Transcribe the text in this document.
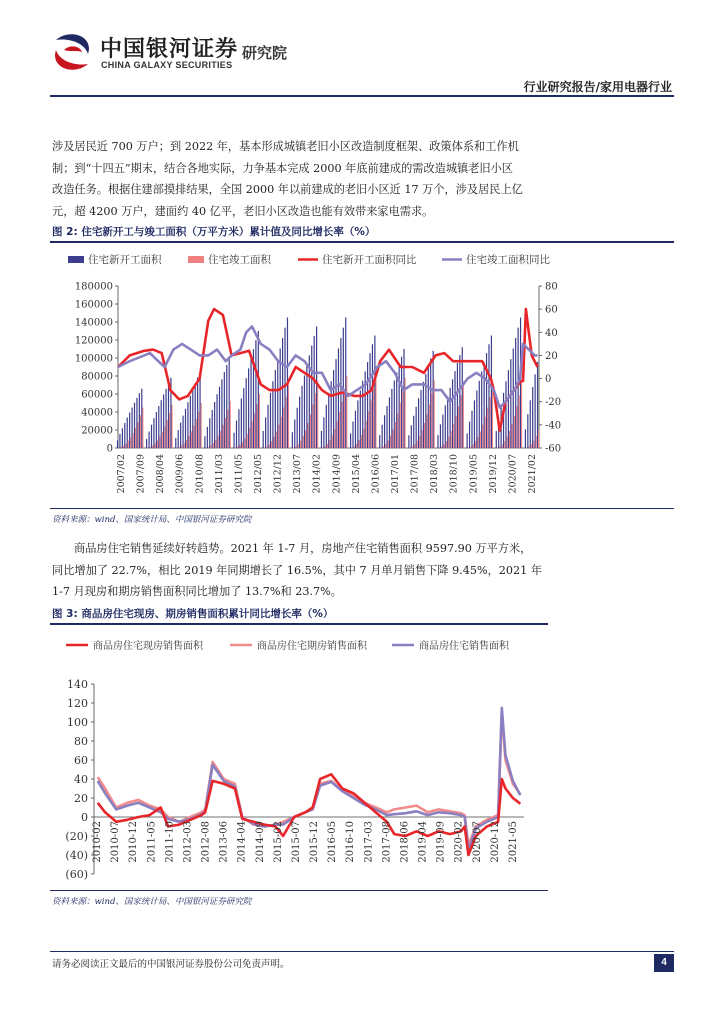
中国银河证券
CHINA GALAXY SECURITIES
研究院
行业研究报告/家用电器行业
涉及居民近 700 万户；到 2022 年，基本形成城镇老旧小区改造制度框架、政策体系和工作机
制；到“十四五”期末，结合各地实际，力争基本完成 2000 年底前建成的需改造城镇老旧小区
改造任务。根据住建部摸排结果，全国 2000 年以前建成的老旧小区近 17 万个，涉及居民上亿
元，超 4200 万户，建面约 40 亿平，老旧小区改造也能有效带来家电需求。
图 2: 住宅新开工与竣工面积（万平方米）累计值及同比增长率（%）
住宅新开工面积	住宅竣工面积	住宅新开工面积同比	住宅竣工面积同比
0
20000
40000
60000
80000
100000
120000
140000
160000
180000
-60
-40
-20
0
20
40
60
80
2007/02 2007/09 2008/04 2009/06 2010/08 2011/03 2011/05 2012/05 2012/12 2013/07 2014/02 2014/09 2015/04 2016/06 2017/01 2017/08 2018/03 2018/10 2019/05 2019/12 2020/07 2021/02
资料来源：wind、国家统计局、中国银河证券研究院
商品房住宅销售延续好转趋势。2021 年 1-7 月，房地产住宅销售面积 9597.90 万平方米，
同比增加了 22.7%，相比 2019 年同期增长了 16.5%，其中 7 月单月销售下降 9.45%，2021 年
1-7 月现房和期房销售面积同比增加了 13.7%和 23.7%。
图 3: 商品房住宅现房、期房销售面积累计同比增长率（%）
商品房住宅现房销售面积	商品房住宅期房销售面积	商品房住宅销售面积
140
120
100
80
60
40
20
0
(20)
(40)
(60)
2010-02 2010-07 2010-12 2011-05 2011-10 2012-03 2012-08 2013-06 2014-04 2014-09 2015-02 2015-07 2015-12 2016-05 2016-10 2017-03 2017-08 2018-06 2019-04 2019-09 2020-02 2020-07 2020-12 2021-05
资料来源：wind、国家统计局、中国银河证券研究院
请务必阅读正文最后的中国银河证券股份公司免责声明。	4
